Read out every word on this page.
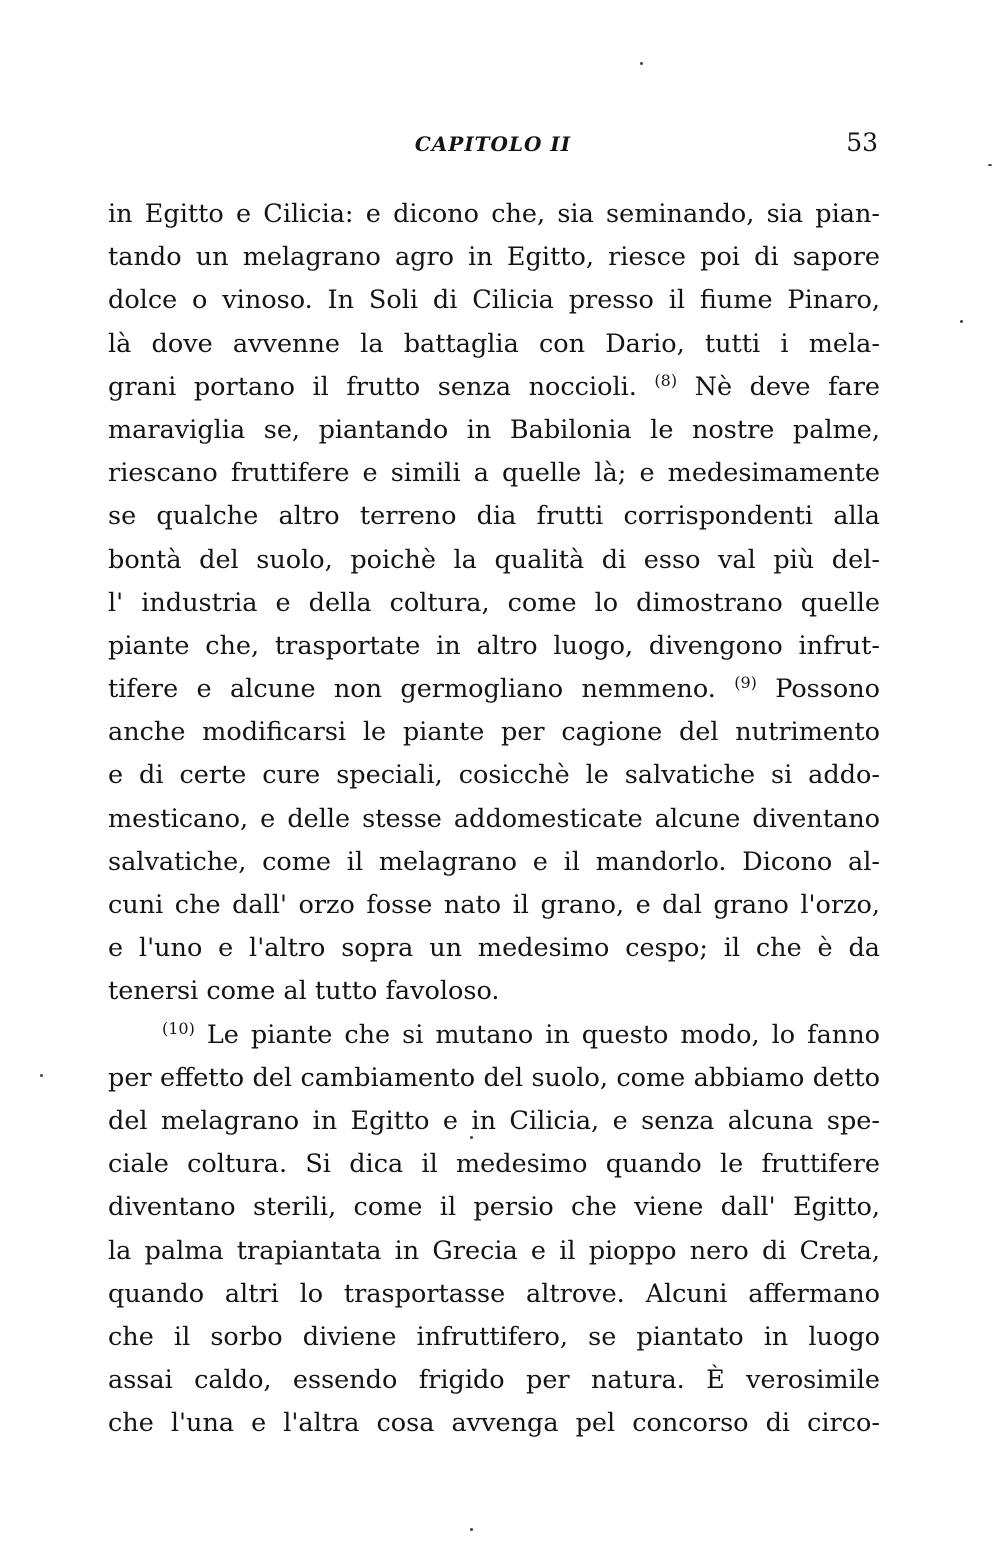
CAPITOLO II	53
in Egitto e Cilicia: e dicono che, sia seminando, sia pian-
tando un melagrano agro in Egitto, riesce poi di sapore
dolce o vinoso. In Soli di Cilicia presso il fiume Pinaro,
là dove avvenne la battaglia con Dario, tutti i mela-
grani portano il frutto senza noccioli. $^{(8)}$ Nè deve fare
maraviglia se, piantando in Babilonia le nostre palme,
riescano fruttifere e simili a quelle là; e medesimamente
se qualche altro terreno dia frutti corrispondenti alla
bontà del suolo, poichè la qualità di esso val più del-
l' industria e della coltura, come lo dimostrano quelle
piante che, trasportate in altro luogo, divengono infrut-
tifere e alcune non germogliano nemmeno. $^{(9)}$ Possono
anche modificarsi le piante per cagione del nutrimento
e di certe cure speciali, cosicchè le salvatiche si addo-
mesticano, e delle stesse addomesticate alcune diventano
salvatiche, come il melagrano e il mandorlo. Dicono al-
cuni che dall' orzo fosse nato il grano, e dal grano l'orzo,
e l'uno e l'altro sopra un medesimo cespo; il che è da
tenersi come al tutto favoloso.
$^{(10)}$ Le piante che si mutano in questo modo, lo fanno
per effetto del cambiamento del suolo, come abbiamo detto
del melagrano in Egitto e in Cilicia, e senza alcuna spe-
ciale coltura. Si dica il medesimo quando le fruttifere
diventano sterili, come il persio che viene dall' Egitto,
la palma trapiantata in Grecia e il pioppo nero di Creta,
quando altri lo trasportasse altrove. Alcuni affermano
che il sorbo diviene infruttifero, se piantato in luogo
assai caldo, essendo frigido per natura. È verosimile
che l'una e l'altra cosa avvenga pel concorso di circo-
